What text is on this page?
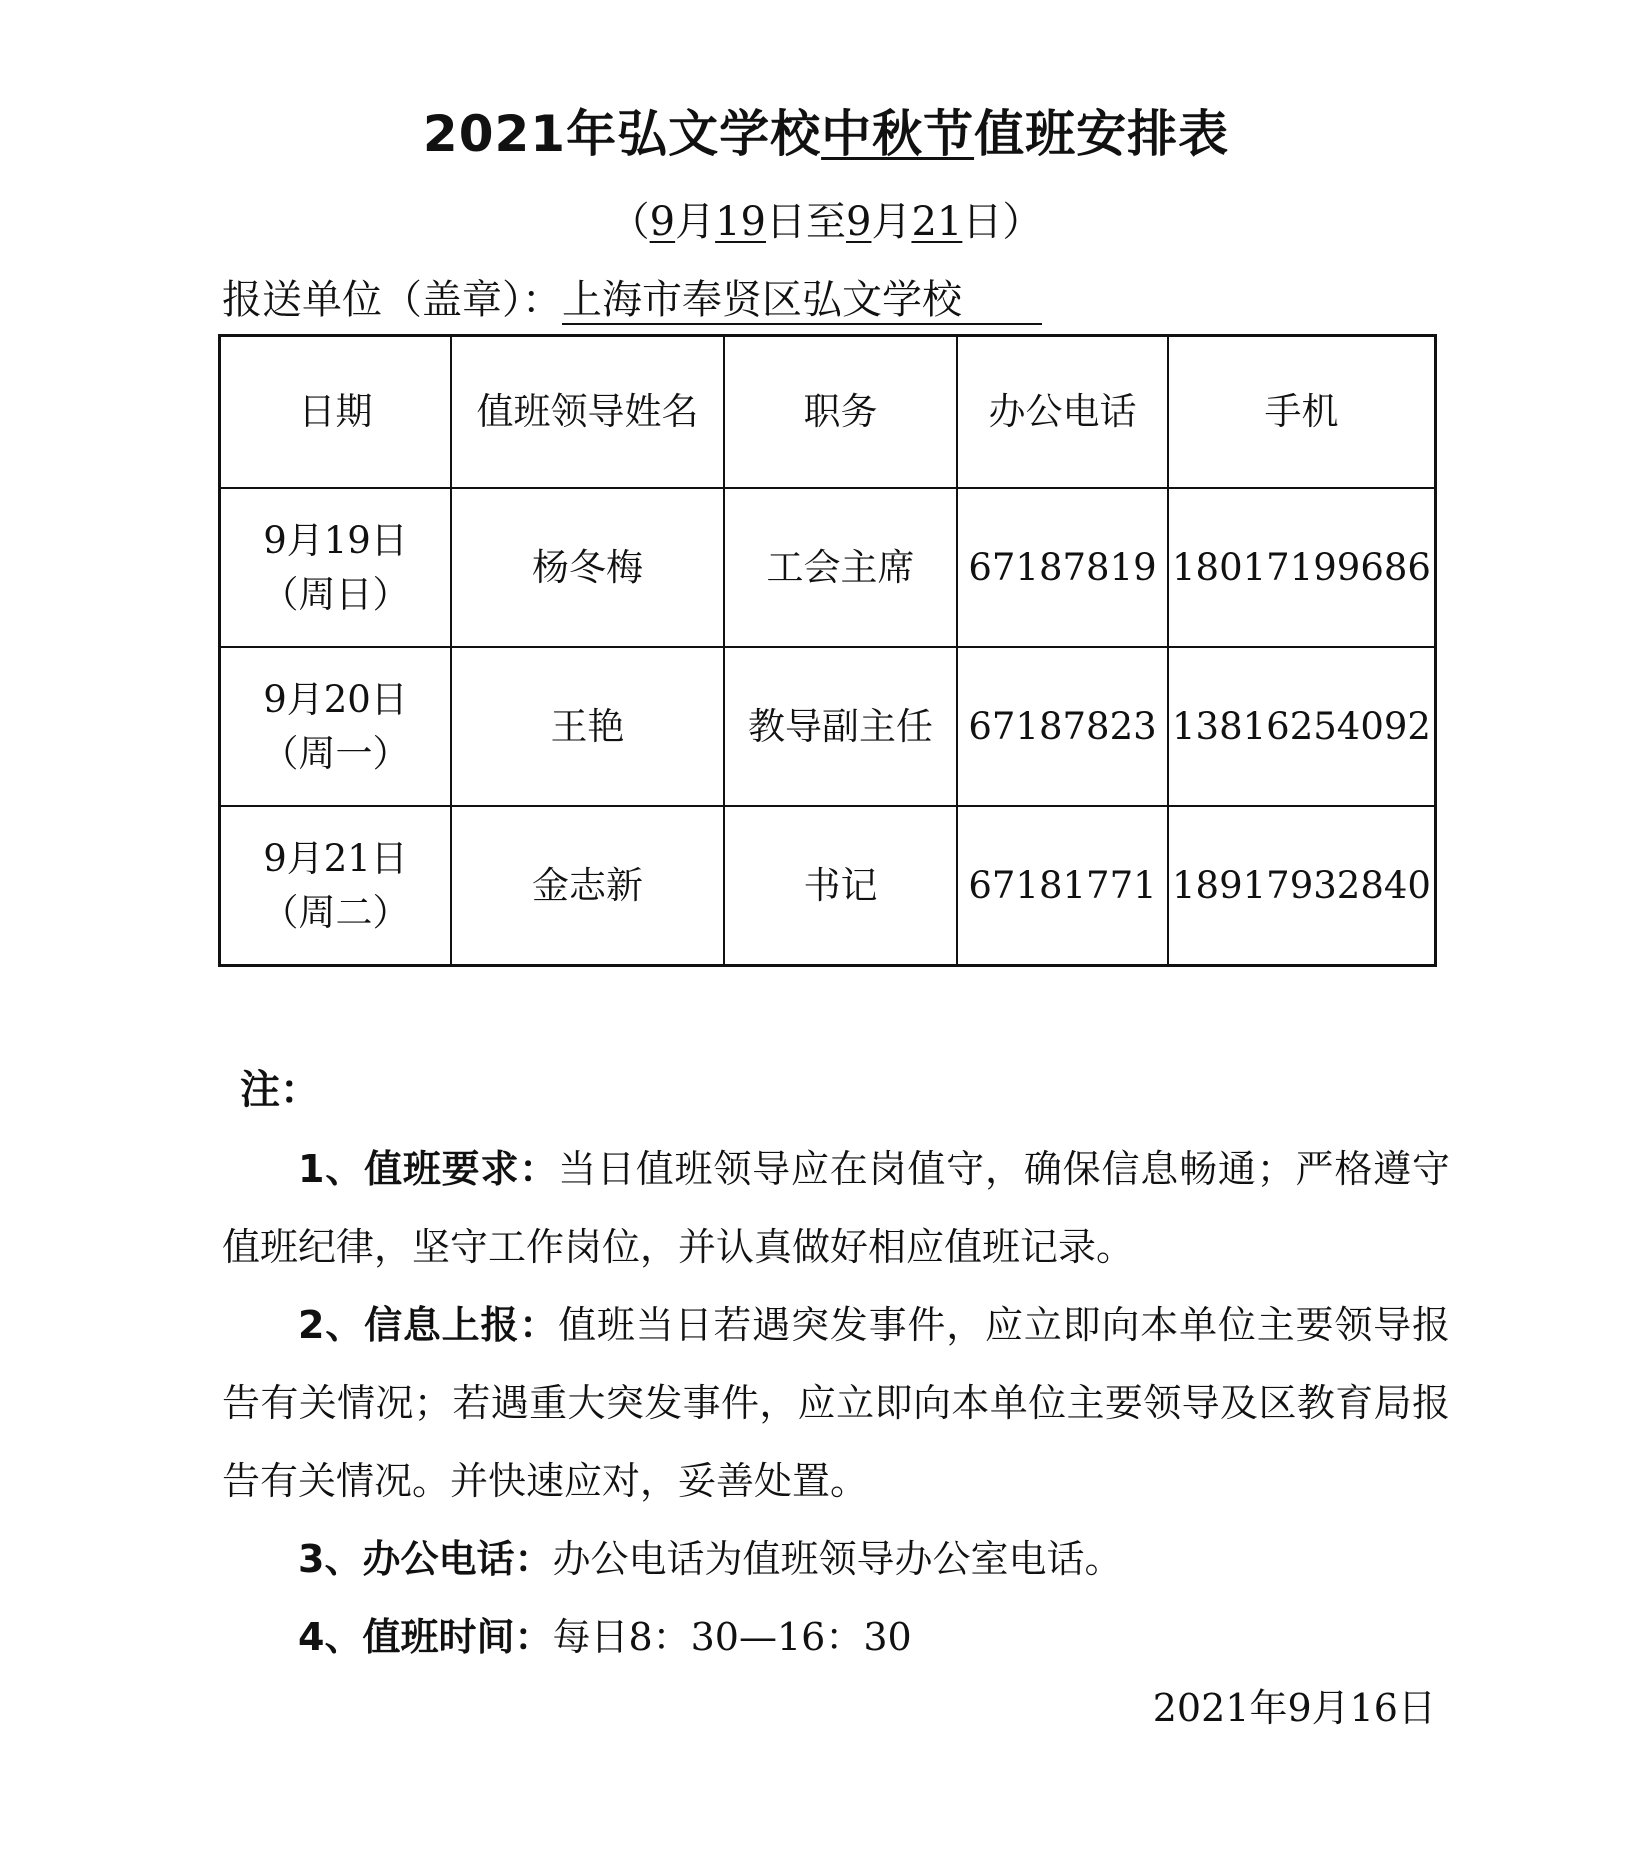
2021年弘文学校中秋节值班安排表
（9月19日至9月21日）
报送单位（盖章）：上海市奉贤区弘文学校
日期	值班领导姓名	职务	办公电话	手机

9月19日
（周日）	杨冬梅	工会主席	67187819	18017199686

9月20日
（周一）	王艳	教导副主任	67187823	13816254092

9月21日
（周二）	金志新	书记	67181771	18917932840
注：
1、值班要求：当日值班领导应在岗值守，确保信息畅通；严格遵守值班纪律，坚守工作岗位，并认真做好相应值班记录。
2、信息上报：值班当日若遇突发事件，应立即向本单位主要领导报告有关情况；若遇重大突发事件，应立即向本单位主要领导及区教育局报告有关情况。并快速应对，妥善处置。
3、办公电话：办公电话为值班领导办公室电话。
4、值班时间：每日8：30—16：30
2021年9月16日
